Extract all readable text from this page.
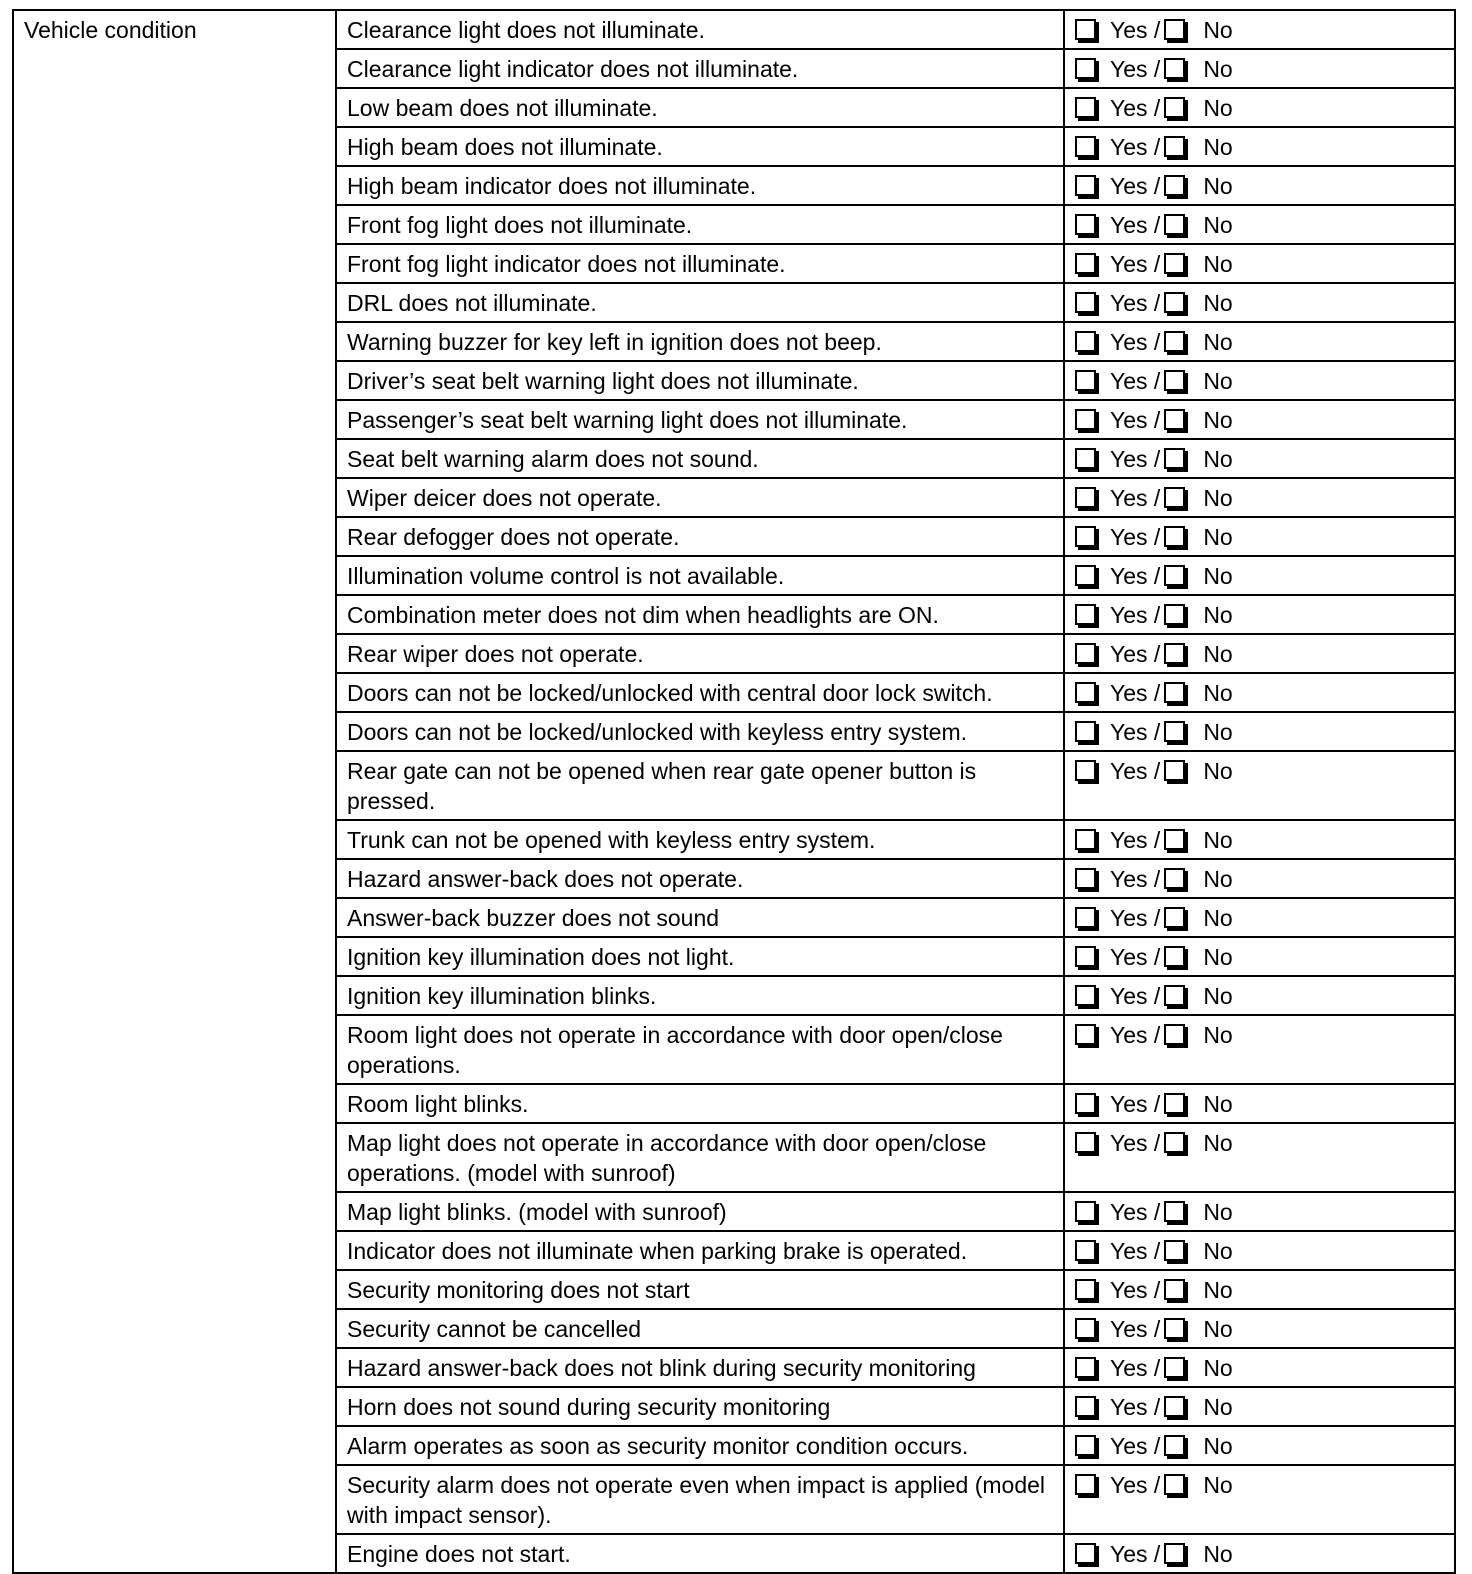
Vehicle condition	Clearance light does not illuminate.	Yes / No
	Clearance light indicator does not illuminate.	Yes / No
	Low beam does not illuminate.	Yes / No
	High beam does not illuminate.	Yes / No
	High beam indicator does not illuminate.	Yes / No
	Front fog light does not illuminate.	Yes / No
	Front fog light indicator does not illuminate.	Yes / No
	DRL does not illuminate.	Yes / No
	Warning buzzer for key left in ignition does not beep.	Yes / No
	Driver’s seat belt warning light does not illuminate.	Yes / No
	Passenger’s seat belt warning light does not illuminate.	Yes / No
	Seat belt warning alarm does not sound.	Yes / No
	Wiper deicer does not operate.	Yes / No
	Rear defogger does not operate.	Yes / No
	Illumination volume control is not available.	Yes / No
	Combination meter does not dim when headlights are ON.	Yes / No
	Rear wiper does not operate.	Yes / No
	Doors can not be locked/unlocked with central door lock switch.	Yes / No
	Doors can not be locked/unlocked with keyless entry system.	Yes / No
	Rear gate can not be opened when rear gate opener button is pressed.	Yes / No
	Trunk can not be opened with keyless entry system.	Yes / No
	Hazard answer-back does not operate.	Yes / No
	Answer-back buzzer does not sound	Yes / No
	Ignition key illumination does not light.	Yes / No
	Ignition key illumination blinks.	Yes / No
	Room light does not operate in accordance with door open/close operations.	Yes / No
	Room light blinks.	Yes / No
	Map light does not operate in accordance with door open/close operations. (model with sunroof)	Yes / No
	Map light blinks. (model with sunroof)	Yes / No
	Indicator does not illuminate when parking brake is operated.	Yes / No
	Security monitoring does not start	Yes / No
	Security cannot be cancelled	Yes / No
	Hazard answer-back does not blink during security monitoring	Yes / No
	Horn does not sound during security monitoring	Yes / No
	Alarm operates as soon as security monitor condition occurs.	Yes / No
	Security alarm does not operate even when impact is applied (model with impact sensor).	Yes / No
	Engine does not start.	Yes / No
